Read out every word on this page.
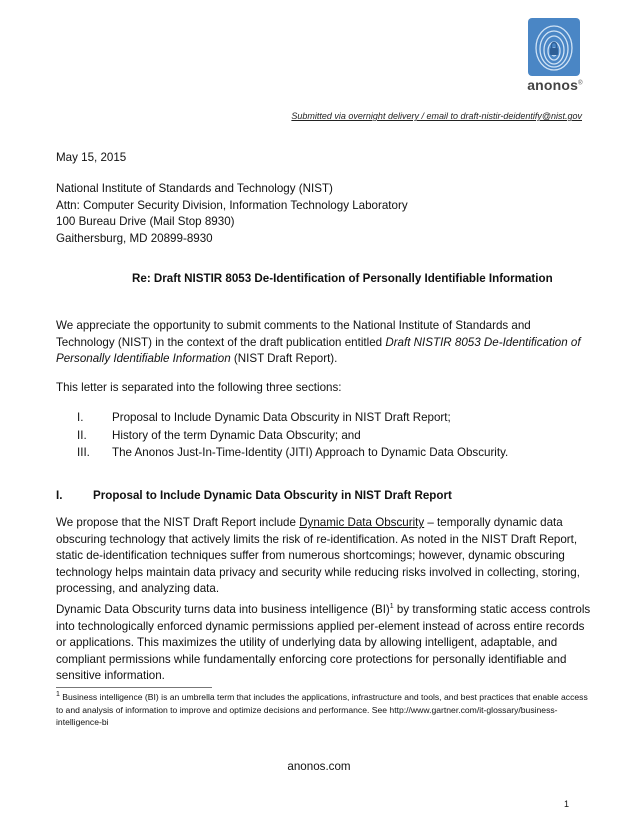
anonos®
Submitted via overnight delivery / email to draft-nistir-deidentify@nist.gov
May 15, 2015
National Institute of Standards and Technology (NIST)
Attn: Computer Security Division, Information Technology Laboratory
100 Bureau Drive (Mail Stop 8930)
Gaithersburg, MD 20899-8930
Re: Draft NISTIR 8053 De-Identification of Personally Identifiable Information
We appreciate the opportunity to submit comments to the National Institute of Standards and Technology (NIST) in the context of the draft publication entitled Draft NISTIR 8053 De-Identification of Personally Identifiable Information (NIST Draft Report).
This letter is separated into the following three sections:
I. Proposal to Include Dynamic Data Obscurity in NIST Draft Report;
II. History of the term Dynamic Data Obscurity; and
III. The Anonos Just-In-Time-Identity (JITI) Approach to Dynamic Data Obscurity.
I.	Proposal to Include Dynamic Data Obscurity in NIST Draft Report
We propose that the NIST Draft Report include Dynamic Data Obscurity – temporally dynamic data obscuring technology that actively limits the risk of re-identification. As noted in the NIST Draft Report, static de-identification techniques suffer from numerous shortcomings; however, dynamic obscuring technology helps maintain data privacy and security while reducing risks involved in collecting, storing, processing, and analyzing data.
Dynamic Data Obscurity turns data into business intelligence (BI)$^1$ by transforming static access controls into technologically enforced dynamic permissions applied per-element instead of across entire records or applications. This maximizes the utility of underlying data by allowing intelligent, adaptable, and compliant permissions while fundamentally enforcing core protections for personally identifiable and sensitive information.
$^1$ Business intelligence (BI) is an umbrella term that includes the applications, infrastructure and tools, and best practices that enable access to and analysis of information to improve and optimize decisions and performance. See http://www.gartner.com/it-glossary/business-intelligence-bi
anonos.com
1
